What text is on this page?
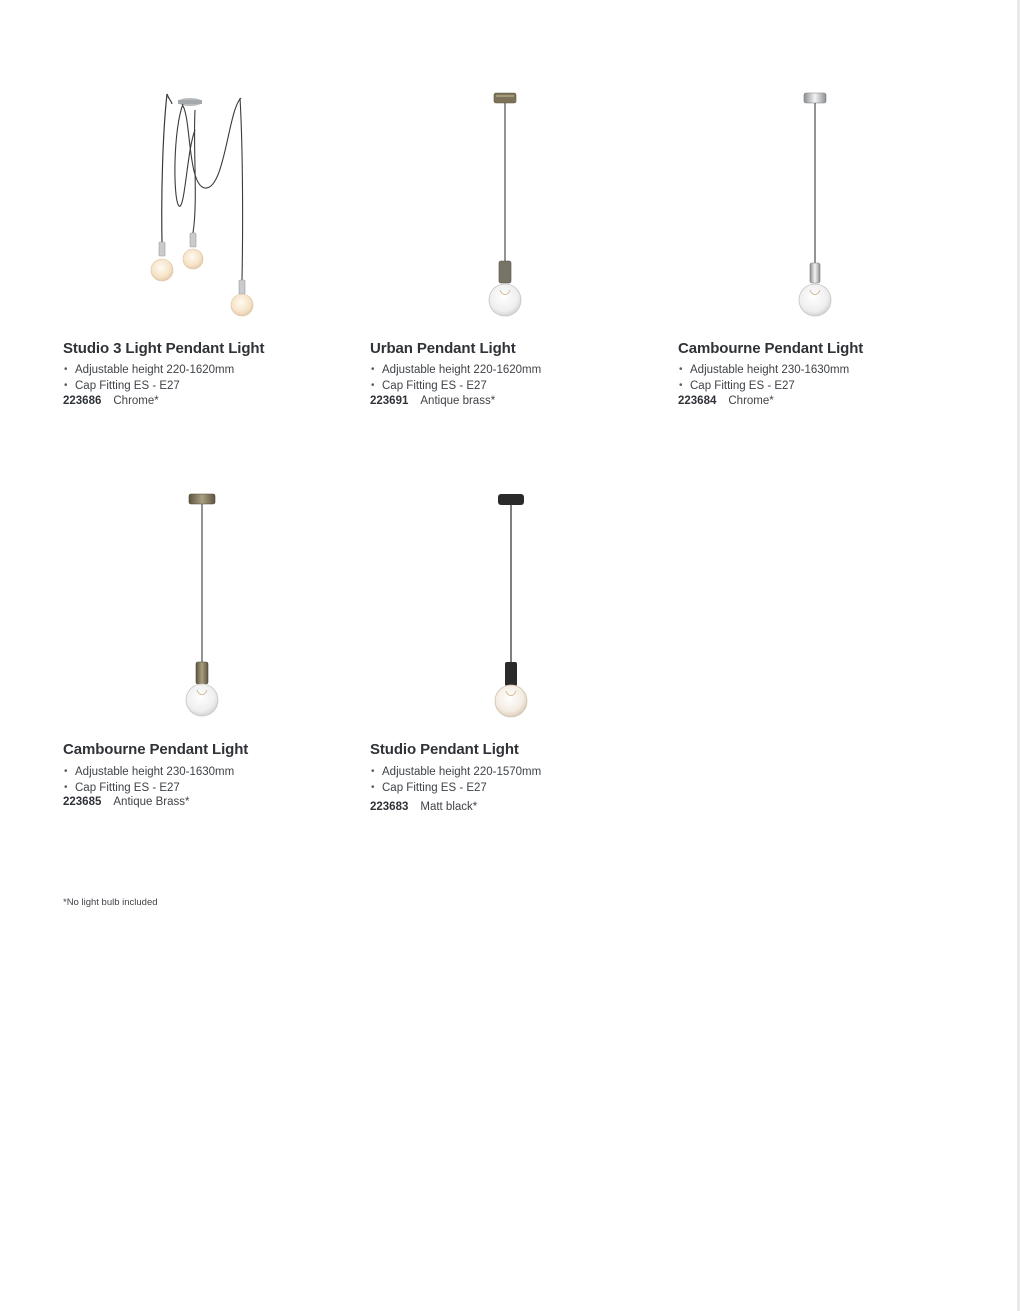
Studio 3 Light Pendant Light
• Adjustable height 220-1620mm
• Cap Fitting ES - E27
223686 Chrome*
Urban Pendant Light
• Adjustable height 220-1620mm
• Cap Fitting ES - E27
223691 Antique brass*
Cambourne Pendant Light
• Adjustable height 230-1630mm
• Cap Fitting ES - E27
223684 Chrome*
Cambourne Pendant Light
• Adjustable height 230-1630mm
• Cap Fitting ES - E27
223685 Antique Brass*
Studio Pendant Light
• Adjustable height 220-1570mm
• Cap Fitting ES - E27
223683 Matt black*
*No light bulb included
